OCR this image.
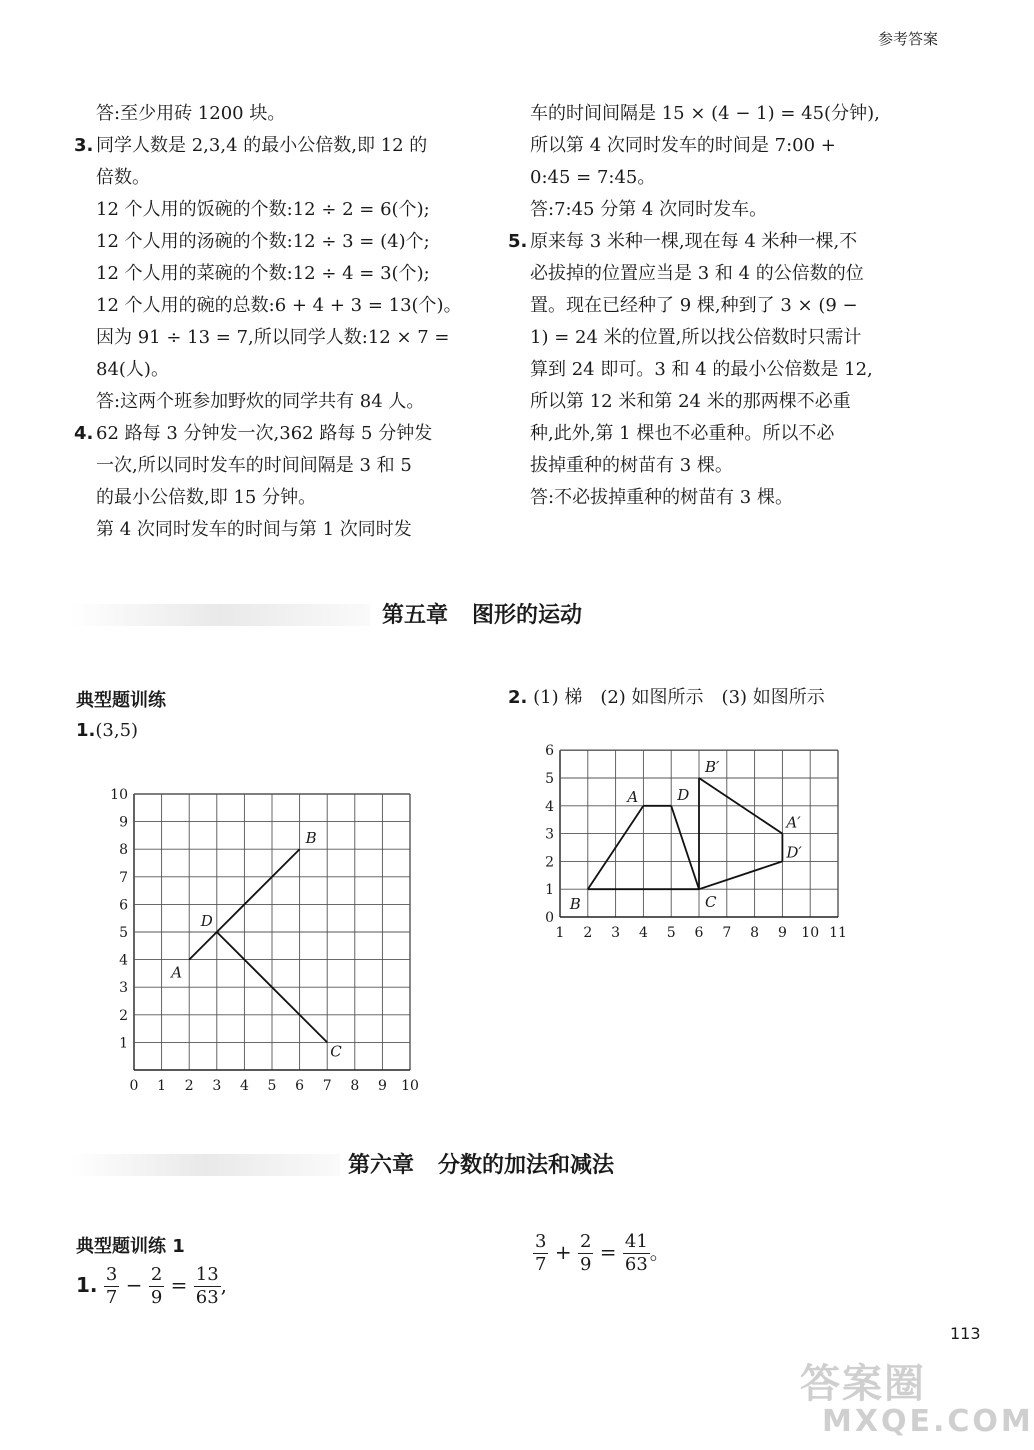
参考答案
答:至少用砖 1200 块。
3. 同学人数是 2,3,4 的最小公倍数,即 12 的
倍数。
12 个人用的饭碗的个数:12 ÷ 2 = 6(个);
12 个人用的汤碗的个数:12 ÷ 3 = (4)个;
12 个人用的菜碗的个数:12 ÷ 4 = 3(个);
12 个人用的碗的总数:6 + 4 + 3 = 13(个)。
因为 91 ÷ 13 = 7,所以同学人数:12 × 7 =
84(人)。
答:这两个班参加野炊的同学共有 84 人。
4. 62 路每 3 分钟发一次,362 路每 5 分钟发
一次,所以同时发车的时间间隔是 3 和 5
的最小公倍数,即 15 分钟。
第 4 次同时发车的时间与第 1 次同时发
车的时间间隔是 15 × (4 − 1) = 45(分钟),
所以第 4 次同时发车的时间是 7:00 +
0:45 = 7:45。
答:7:45 分第 4 次同时发车。
5. 原来每 3 米种一棵,现在每 4 米种一棵,不
必拔掉的位置应当是 3 和 4 的公倍数的位
置。现在已经种了 9 棵,种到了 3 × (9 −
1) = 24 米的位置,所以找公倍数时只需计
算到 24 即可。3 和 4 的最小公倍数是 12,
所以第 12 米和第 24 米的那两棵不必重
种,此外,第 1 棵也不必重种。所以不必
拔掉重种的树苗有 3 棵。
答:不必拔掉重种的树苗有 3 棵。
第五章 图形的运动
典型题训练
1.(3,5)
2. (1) 梯　(2) 如图所示　(3) 如图所示
0 1 2 3 4 5 6 7 8 9 10
1
2
3
4
5
6
7
8
9
10
A
D
B
C
1 2 3 4 5 6 7 8 9 10 11
0
1
2
3
4
5
6
B
A	D
C
B′
A′
D′
第六章 分数的加法和减法
典型题训练 1
1. $\frac{3}{7} - \frac{2}{9} = \frac{13}{63}$ ,
$\frac{3}{7} + \frac{2}{9} = \frac{41}{63}$ 。
113
答案圈
MXQE.COM
